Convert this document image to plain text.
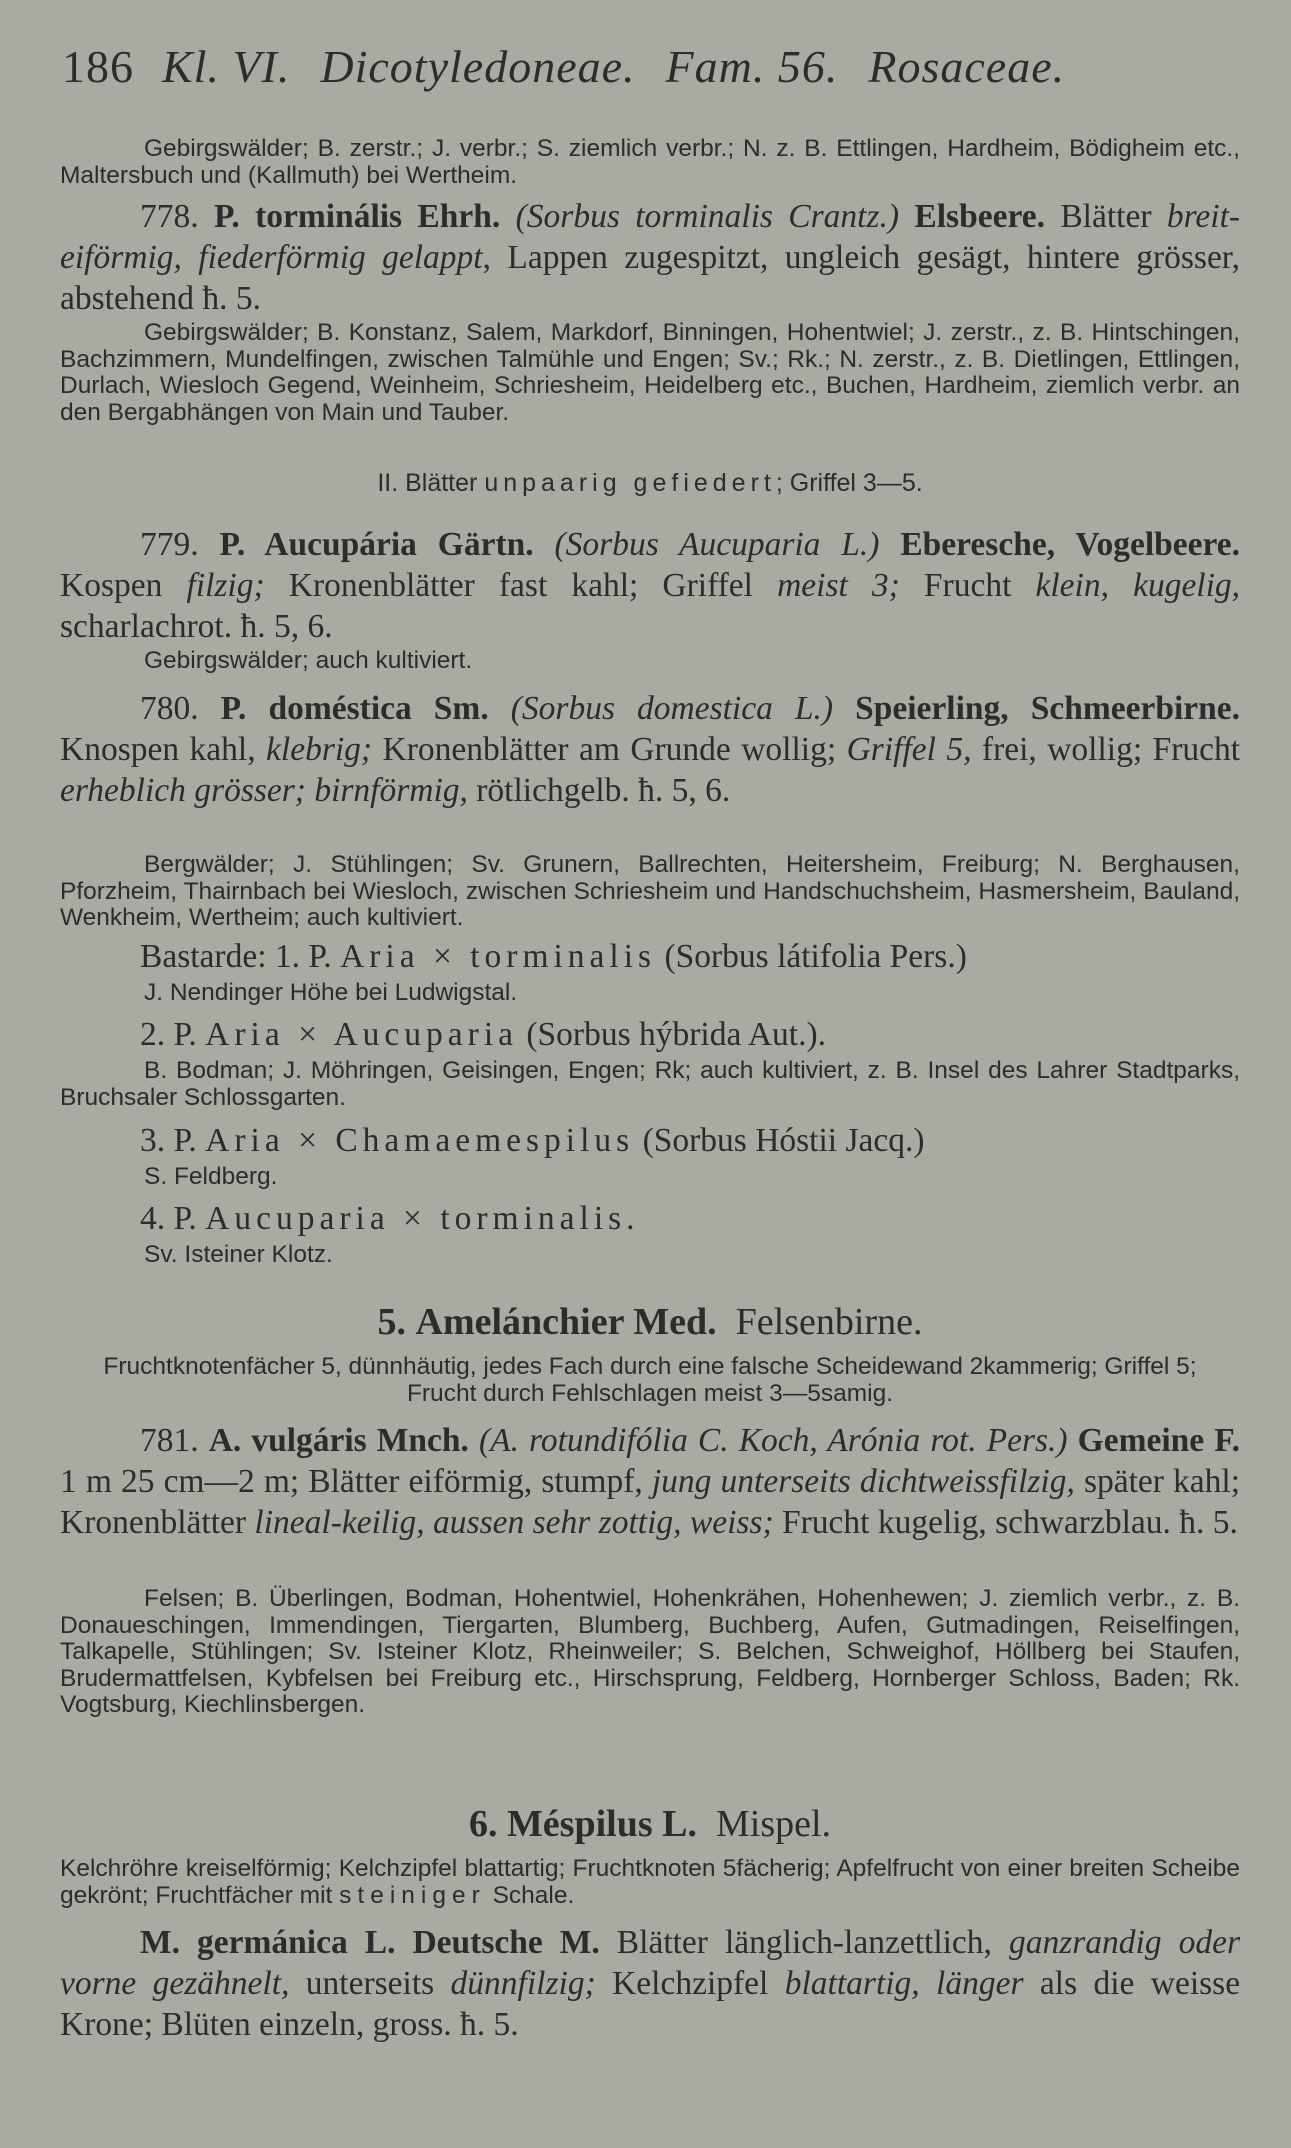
186 Kl. VI. Dicotyledoneae. Fam. 56. Rosaceae.
Gebirgswälder; B. zerstr.; J. verbr.; S. ziemlich verbr.; N. z. B. Ettlingen, Hardheim, Bödigheim etc., Maltersbuch und (Kallmuth) bei Wertheim.
778. P. torminális Ehrh. (Sorbus torminalis Crantz.) Elsbeere. Blätter breit-eiförmig, fiederförmig gelappt, Lappen zugespitzt, ungleich gesägt, hintere grösser, abstehend ħ. 5.
Gebirgswälder; B. Konstanz, Salem, Markdorf, Binningen, Hohentwiel; J. zerstr., z. B. Hintschingen, Bachzimmern, Mundelfingen, zwischen Talmühle und Engen; Sv.; Rk.; N. zerstr., z. B. Dietlingen, Ettlingen, Durlach, Wiesloch Gegend, Weinheim, Schriesheim, Heidelberg etc., Buchen, Hardheim, ziemlich verbr. an den Bergabhängen von Main und Tauber.
II. Blätter unpaarig gefiedert; Griffel 3—5.
779. P. Aucupária Gärtn. (Sorbus Aucuparia L.) Eberesche, Vogelbeere. Kospen filzig; Kronenblätter fast kahl; Griffel meist 3; Frucht klein, kugelig, scharlachrot. ħ. 5, 6.
Gebirgswälder; auch kultiviert.
780. P. doméstica Sm. (Sorbus domestica L.) Speierling, Schmeerbirne. Knospen kahl, klebrig; Kronenblätter am Grunde wollig; Griffel 5, frei, wollig; Frucht erheblich grösser; birnförmig, rötlichgelb. ħ. 5, 6.
Bergwälder; J. Stühlingen; Sv. Grunern, Ballrechten, Heitersheim, Freiburg; N. Berghausen, Pforzheim, Thairnbach bei Wiesloch, zwischen Schriesheim und Handschuchsheim, Hasmersheim, Bauland, Wenkheim, Wertheim; auch kultiviert.
Bastarde: 1. P. Aria × torminalis (Sorbus látifolia Pers.)
J. Nendinger Höhe bei Ludwigstal.
2. P. Aria × Aucuparia (Sorbus hýbrida Aut.).
B. Bodman; J. Möhringen, Geisingen, Engen; Rk; auch kultiviert, z. B. Insel des Lahrer Stadtparks, Bruchsaler Schlossgarten.
3. P. Aria × Chamaemespilus (Sorbus Hóstii Jacq.)
S. Feldberg.
4. P. Aucuparia × torminalis.
Sv. Isteiner Klotz.
5. Amelánchier Med. Felsenbirne.
Fruchtknotenfächer 5, dünnhäutig, jedes Fach durch eine falsche Scheidewand 2kammerig; Griffel 5; Frucht durch Fehlschlagen meist 3—5samig.
781. A. vulgáris Mnch. (A. rotundifólia C. Koch, Arónia rot. Pers.) Gemeine F. 1 m 25 cm—2 m; Blätter eiförmig, stumpf, jung unterseits dichtweissfilzig, später kahl; Kronenblätter lineal-keilig, aussen sehr zottig, weiss; Frucht kugelig, schwarzblau. ħ. 5.
Felsen; B. Überlingen, Bodman, Hohentwiel, Hohenkrähen, Hohenhewen; J. ziemlich verbr., z. B. Donaueschingen, Immendingen, Tiergarten, Blumberg, Buchberg, Aufen, Gutmadingen, Reiselfingen, Talkapelle, Stühlingen; Sv. Isteiner Klotz, Rheinweiler; S. Belchen, Schweighof, Höllberg bei Staufen, Brudermattfelsen, Kybfelsen bei Freiburg etc., Hirschsprung, Feldberg, Hornberger Schloss, Baden; Rk. Vogtsburg, Kiechlinsbergen.
6. Méspilus L. Mispel.
Kelchröhre kreiselförmig; Kelchzipfel blattartig; Fruchtknoten 5fächerig; Apfelfrucht von einer breiten Scheibe gekrönt; Fruchtfächer mit steiniger Schale.
M. germánica L. Deutsche M. Blätter länglich-lanzettlich, ganzrandig oder vorne gezähnelt, unterseits dünnfilzig; Kelchzipfel blattartig, länger als die weisse Krone; Blüten einzeln, gross. ħ. 5.
